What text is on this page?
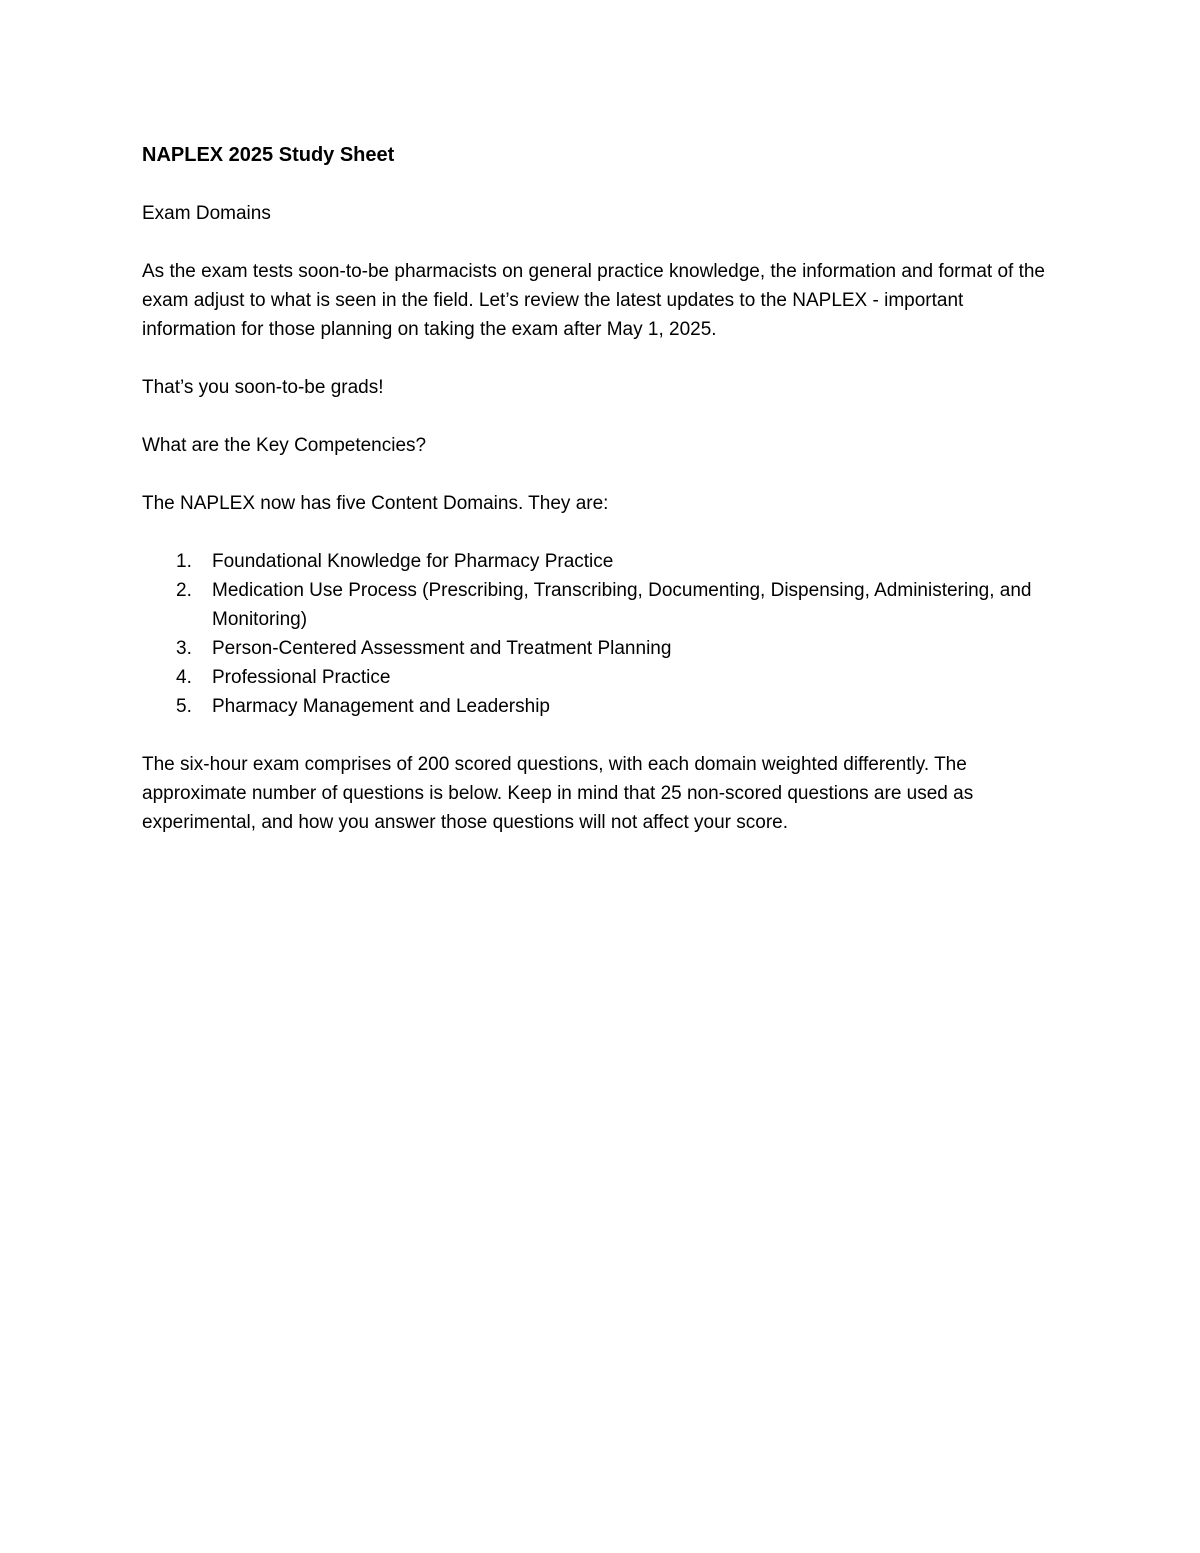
NAPLEX 2025 Study Sheet

Exam Domains

As the exam tests soon-to-be pharmacists on general practice knowledge, the information and format of the exam adjust to what is seen in the field. Let’s review the latest updates to the NAPLEX - important information for those planning on taking the exam after May 1, 2025.

That’s you soon-to-be grads!

What are the Key Competencies?

The NAPLEX now has five Content Domains. They are:

1. Foundational Knowledge for Pharmacy Practice
2. Medication Use Process (Prescribing, Transcribing, Documenting, Dispensing, Administering, and Monitoring)
3. Person-Centered Assessment and Treatment Planning
4. Professional Practice
5. Pharmacy Management and Leadership

The six-hour exam comprises of 200 scored questions, with each domain weighted differently. The approximate number of questions is below. Keep in mind that 25 non-scored questions are used as experimental, and how you answer those questions will not affect your score.
